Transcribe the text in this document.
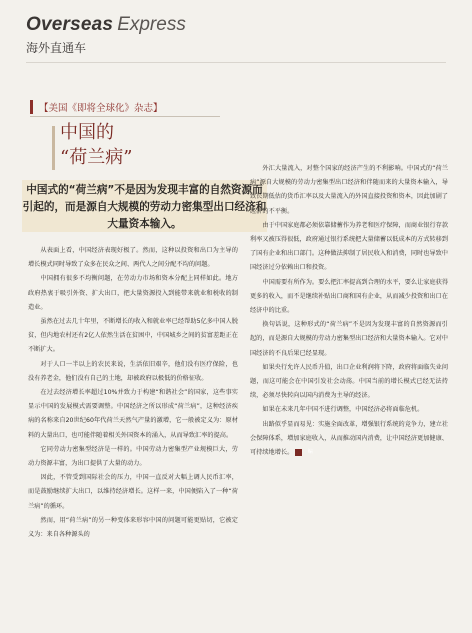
Overseas Express
海外直通车
【美国《即将全球化》杂志】
中国的
“荷兰病”
中国式的“荷兰病”不是因为发现丰富的自然资源而引起的，而是源自大规模的劳动力密集型出口经济和大量资本输入。

从表面上看，中国经济表现好极了。然而，这种以投资和出口为主导的增长模式同时导致了众多在民众之间、两代人之间分配不均的问题。

中国拥有很多不均衡问题，在劳动力市场和资本分配上同样如此。地方政府热衷于吸引外资、扩大出口，把大量资源投入到能带来就业和税收的制造业。

虽然在过去几十年里，不断增长的收入和就业率已经帮助5亿多中国人脱贫，但内地农村还有2亿人依然生活在贫困中，中国城乡之间的贫富差距正在不断扩大。

对于人口一半以上的农民来说，生活依旧艰辛，他们没有医疗保险，也没有养老金，他们没有自己的土地，却被政府以极低的价格征收。

在过去经济增长率超过10%并致力于构建“和谐社会”的国家，这些事实显示中国的发展模式需要调整。中国经济之所以形成“荷兰病”，这种经济疾病的名称来自20世纪60年代荷兰天然气产量的激增，它一般被定义为：原材料的大量出口，也可能伴随着相关外国资本的涌入，从而导致汇率的提高。

它同劳动力密集型经济是一样的。中国劳动力密集型产业规模巨大，劳动力资源丰富，为出口提供了大量的动力。

因此，不管受到国际社会的压力，中国一直反对大幅上调人民币汇率，而是鼓励继续扩大出口，以维持经济增长。这样一来，中国便陷入了一种“荷兰病”的循环。

然而，用“荷兰病”的另一种变体来形容中国的问题可能更贴切，它被定义为：来自各种源头的

外汇大量流入，对整个国家的经济产生的不利影响。中国式的“荷兰病”源自大规模的劳动力密集型出口经济和伴随而来的大量资本输入，导致长期低估的货币汇率以及大量流入的外国直接投资和资本，因此加剧了经济的不平衡。

由于中国家庭都必须依靠储蓄作为养老和医疗保障，而商业银行存款利率又被压得很低，政府通过银行系统把大量储蓄以低成本的方式转移到了国有企业和出口部门。这种做法抑制了居民收入和消费，同时也导致中国经济过分依赖出口和投资。

中国需要有所作为。要么把汇率提高到合理的水平，要么让家庭获得更多的收入，而不是继续补贴出口商和国有企业，从而减少投资和出口在经济中的比重。

换句话说，这种形式的“荷兰病”不是因为发现丰富的自然资源而引起的，而是源自大规模的劳动力密集型出口经济和大量资本输入。它对中国经济的不良后果已经显现。

如果央行允许人民币升值，出口企业利润将下降，政府将面临失业问题，而这可能会在中国引发社会动荡。中国当前的增长模式已经无法持续，必须尽快转向以国内消费为主导的经济。

如果在未来几年中国不进行调整，中国经济必将面临危机。

出路似乎显而易见：实施全面改革，增强银行系统的竞争力，建立社会保障体系，增加家庭收入，从而推动国内消费，让中国经济更加健康、可持续地增长。	编
